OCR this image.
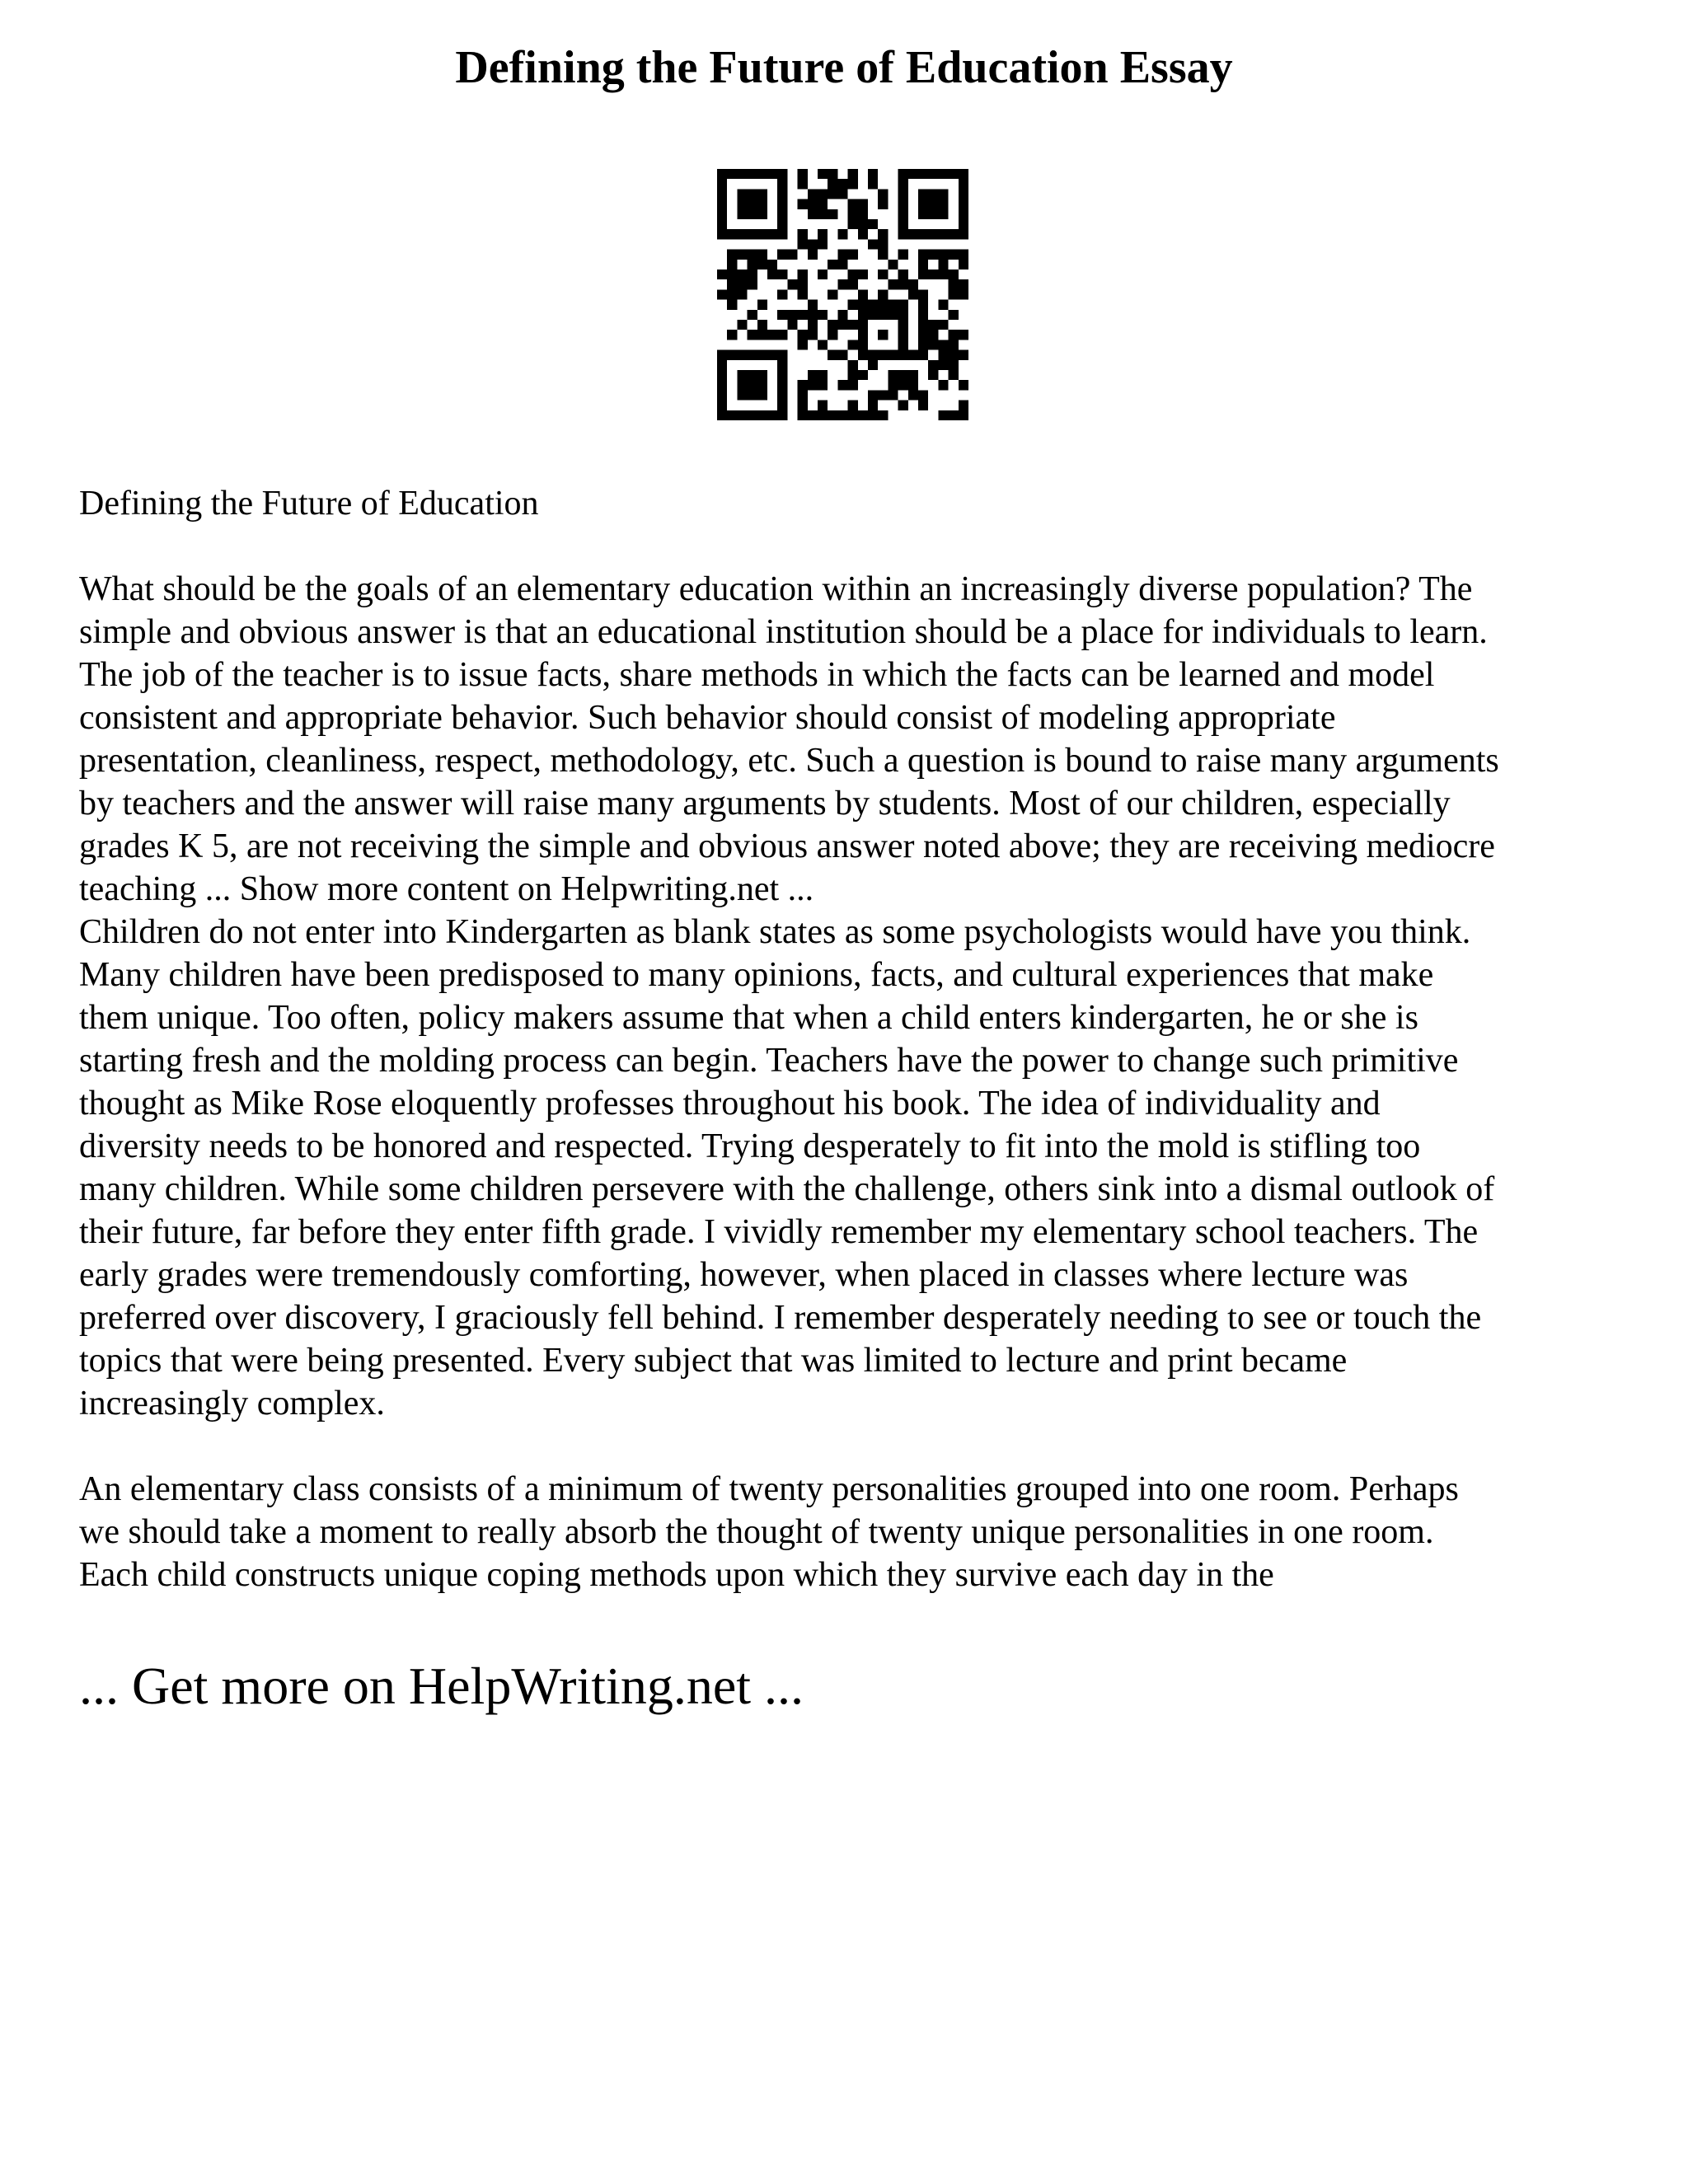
Defining the Future of Education Essay

Defining the Future of Education

What should be the goals of an elementary education within an increasingly diverse population? The

simple and obvious answer is that an educational institution should be a place for individuals to learn.

The job of the teacher is to issue facts, share methods in which the facts can be learned and model

consistent and appropriate behavior. Such behavior should consist of modeling appropriate

presentation, cleanliness, respect, methodology, etc. Such a question is bound to raise many arguments

by teachers and the answer will raise many arguments by students. Most of our children, especially

grades K 5, are not receiving the simple and obvious answer noted above; they are receiving mediocre

teaching ... Show more content on Helpwriting.net ...

Children do not enter into Kindergarten as blank states as some psychologists would have you think.

Many children have been predisposed to many opinions, facts, and cultural experiences that make

them unique. Too often, policy makers assume that when a child enters kindergarten, he or she is

starting fresh and the molding process can begin. Teachers have the power to change such primitive

thought as Mike Rose eloquently professes throughout his book. The idea of individuality and

diversity needs to be honored and respected. Trying desperately to fit into the mold is stifling too

many children. While some children persevere with the challenge, others sink into a dismal outlook of

their future, far before they enter fifth grade. I vividly remember my elementary school teachers. The

early grades were tremendously comforting, however, when placed in classes where lecture was

preferred over discovery, I graciously fell behind. I remember desperately needing to see or touch the

topics that were being presented. Every subject that was limited to lecture and print became

increasingly complex.

An elementary class consists of a minimum of twenty personalities grouped into one room. Perhaps

we should take a moment to really absorb the thought of twenty unique personalities in one room.

Each child constructs unique coping methods upon which they survive each day in the

... Get more on HelpWriting.net ...
